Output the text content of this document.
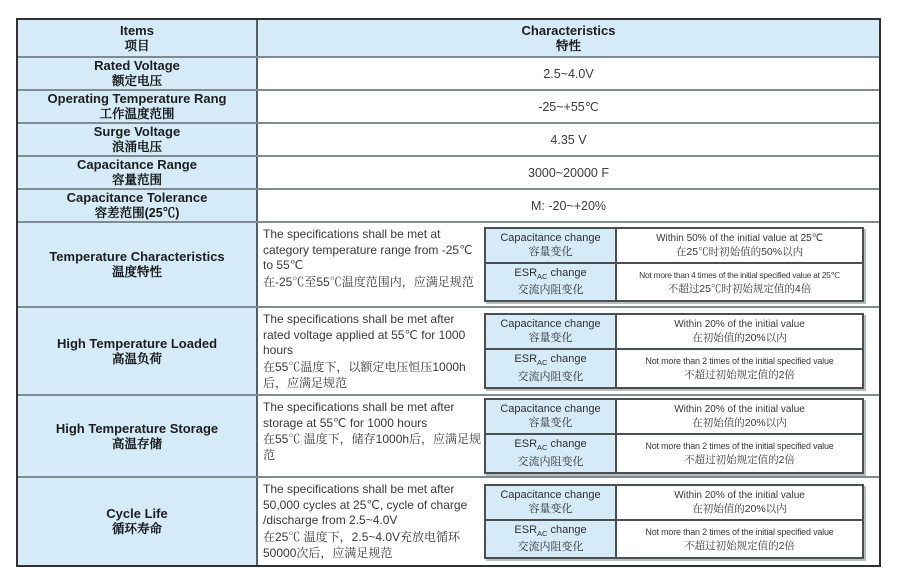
Items
项目
Characteristics
特性
Rated Voltage
额定电压
2.5~4.0V
Operating Temperature Rang
工作温度范围	-25~+55℃
Surge Voltage
浪涌电压
4.35 V
Capacitance Range
容量范围
3000~20000 F
Capacitance Tolerance
容差范围(25℃)
M: -20~+20%
Temperature Characteristics
温度特性
The specifications shall be met at category temperature range from -25℃ to 55℃
在-25℃至55℃温度范围内，应满足规范
Capacitance change
容量变化
Within 50% of the initial value at 25℃
在25℃时初始值的50%以内
$ESR_{AC}$ change
交流内阻变化
Not more than 4 times of the initial specified value at 25℃
不超过25℃时初始规定值的4倍
High Temperature Loaded
高温负荷
The specifications shall be met after rated voltage applied at 55℃ for 1000 hours
在55℃温度下，以额定电压恒压1000h后，应满足规范
Capacitance change
容量变化
Within 20% of the initial value
在初始值的20%以内
$ESR_{AC}$ change
交流内阻变化
Not more than 2 times of the initial specified value
不超过初始规定值的2倍
High Temperature Storage
高温存储
The specifications shall be met after storage at 55℃ for 1000 hours
在55℃ 温度下，储存1000h后，应满足规范
Capacitance change
容量变化
Within 20% of the initial value
在初始值的20%以内
$ESR_{AC}$ change
交流内阻变化
Not more than 2 times of the initial specified value
不超过初始规定值的2倍
Cycle Life
循环寿命
The specifications shall be met after 50,000 cycles at 25℃, cycle of charge /discharge from 2.5~4.0V
在25℃ 温度下，2.5~4.0V充放电循环 50000次后，应满足规范
Capacitance change
容量变化
Within 20% of the initial value
在初始值的20%以内
$ESR_{AC}$ change
交流内阻变化
Not more than 2 times of the initial specified value
不超过初始规定值的2倍
